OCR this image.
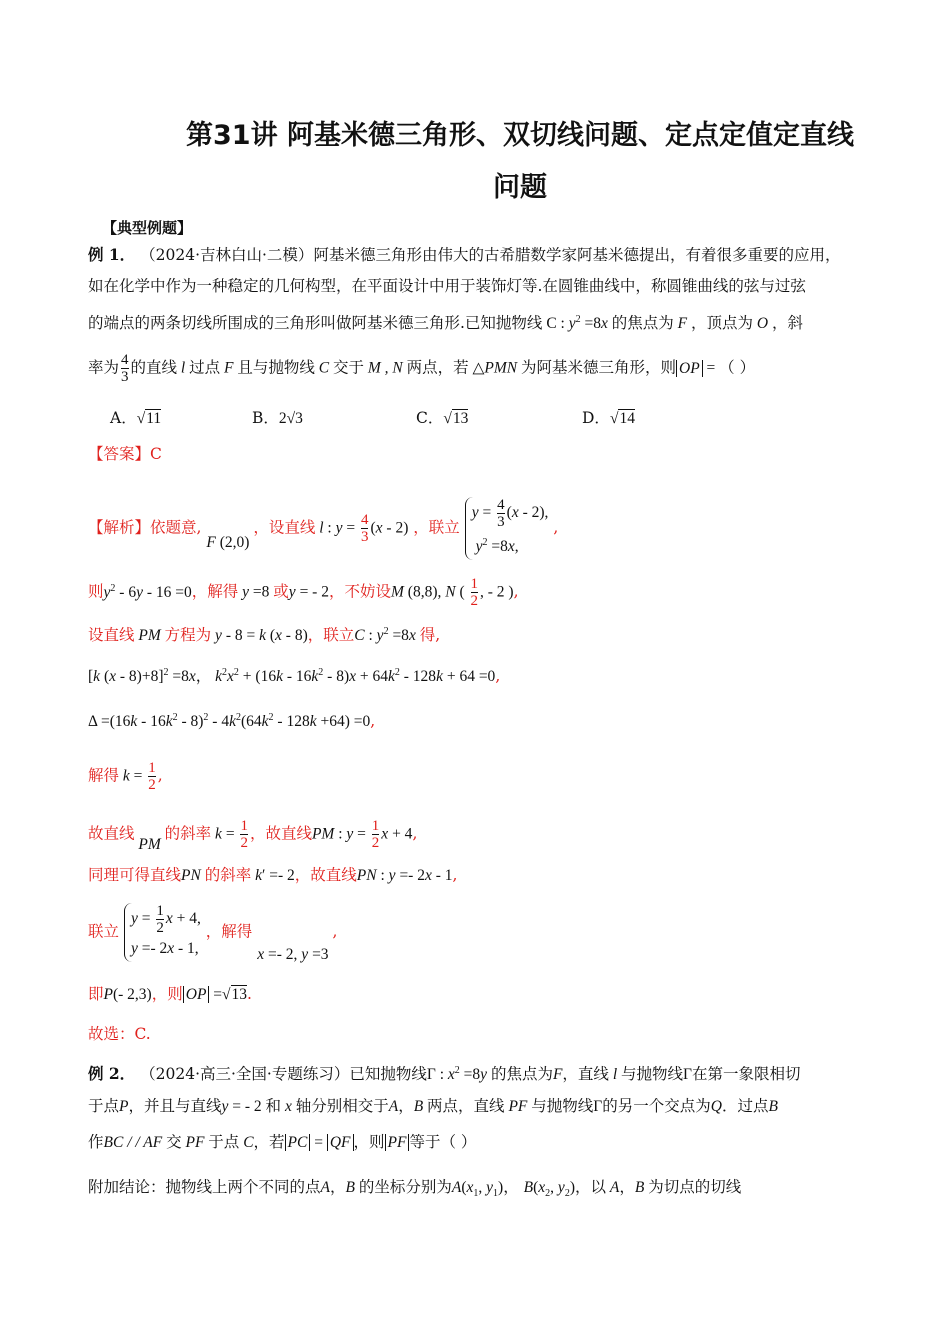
第31讲 阿基米德三角形、双切线问题、定点定值定直线
问题
【典型例题】
例 1． （2024·吉林白山·二模）阿基米德三角形由伟大的古希腊数学家阿基米德提出，有着很多重要的应用，
如在化学中作为一种稳定的几何构型，在平面设计中用于装饰灯等.在圆锥曲线中，称圆锥曲线的弦与过弦
的端点的两条切线所围成的三角形叫做阿基米德三角形.已知抛物线 C : $y^2 =8x$ 的焦点为 F ，顶点为 O ，斜
率为 $\frac{4}{3}$ 的直线 l 过点 F 且与抛物线 C 交于 M , N 两点，若 △PMN 为阿基米德三角形，则 OP = （ ）
A．√11	B．2√3	C．√13	D．√14
【答案】C
【解析】依题意, F (2,0) ，设直线 l : $y = \frac{4}{3} (x - 2)$ ，联立
$y = \frac{4}{3} (x - 2)$,
$y^2 =8x$,
,
则$y^2 - 6y - 16 =0$，解得 y =8 或y = - 2，不妨设M (8,8), N ( $\frac{1}{2}$ , - 2 ),
设直线 PM 方程为 y - 8 = k (x - 8)，联立C : $y^2 =8x$ 得,
[k (x - 8)+8]$^2$ =8x， $k^2x^2 + (16k - 16k^2 - 8)x + 64k^2 - 128k + 64 =0$,
$\Delta =(16k - 16k^2 - 8)^2 - 4k^2(64k^2 - 128k +64) =0$,
解得 $k = \frac{1}{2}$ ,
故直线 PM 的斜率 $k = \frac{1}{2}$ ，故直线PM : $y = \frac{1}{2}$ x + 4,
同理可得直线PN 的斜率 k′ =- 2，故直线PN : y =- 2x - 1,
联立
$y = \frac{1}{2}$ x + 4,
y =- 2x - 1,
，解得 x =- 2, y =3 ,
即P(- 2,3)，则 OP =√13.
故选：C.
例 2． （2024·高三·全国·专题练习）已知抛物线Γ : $x^2 =8y$ 的焦点为F，直线 l 与抛物线Γ在第一象限相切
于点P，并且与直线y = - 2 和 x 轴分别相交于A，B 两点，直线 PF 与抛物线Γ的另一个交点为Q．过点B
作BC / / AF 交 PF 于点 C，若 PC = QF ，则 PF 等于（ ）
附加结论：抛物线上两个不同的点A，B 的坐标分别为$A(x_1$, $y_1$)， $B(x_2$, $y_2$)，以 A，B 为切点的切线
